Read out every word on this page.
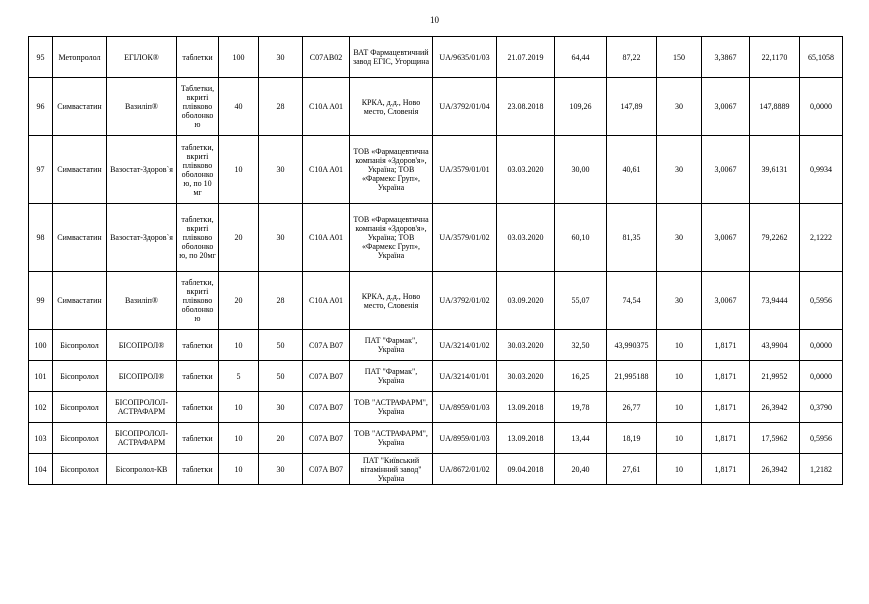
10
95	Метопролол	ЕГІЛОК®	таблетки	100	30	C07AB02	ВАТ Фармацевтичний завод ЕГІС, Угорщина	UA/9635/01/03	21.07.2019	64,44	87,22	150	3,3867	22,1170	65,1058
96	Симвастатин	Вазиліп®	Таблетки, вкриті плівково оболонко ю	40	28	C10A A01	КРКА, д.д., Ново место, Словенія	UA/3792/01/04	23.08.2018	109,26	147,89	30	3,0067	147,8889	0,0000
97	Симвастатин	Вазостат-Здоров`я	таблетки, вкриті плівково оболонко ю, по 10 мг	10	30	C10A A01	ТОВ «Фармацевтична компанія «Здоров'я», Україна; ТОВ «Фармекс Груп», Україна	UA/3579/01/01	03.03.2020	30,00	40,61	30	3,0067	39,6131	0,9934
98	Симвастатин	Вазостат-Здоров`я	таблетки, вкриті плівково оболонко ю, по 20мг	20	30	C10A A01	ТОВ «Фармацевтична компанія «Здоров'я», Україна; ТОВ «Фармекс Груп», Україна	UA/3579/01/02	03.03.2020	60,10	81,35	30	3,0067	79,2262	2,1222
99	Симвастатин	Вазиліп®	таблетки, вкриті плівково оболонко ю	20	28	C10A A01	КРКА, д.д., Ново место, Словенія	UA/3792/01/02	03.09.2020	55,07	74,54	30	3,0067	73,9444	0,5956
100	Бісопролол	БІСОПРОЛ®	таблетки	10	50	C07A B07	ПАТ "Фармак", Україна	UA/3214/01/02	30.03.2020	32,50	43,990375	10	1,8171	43,9904	0,0000
101	Бісопролол	БІСОПРОЛ®	таблетки	5	50	C07A B07	ПАТ "Фармак", Україна	UA/3214/01/01	30.03.2020	16,25	21,995188	10	1,8171	21,9952	0,0000
102	Бісопролол	БІСОПРОЛОЛ-АСТРАФАРМ	таблетки	10	30	C07A B07	ТОВ "АСТРАФАРМ", Україна	UA/8959/01/03	13.09.2018	19,78	26,77	10	1,8171	26,3942	0,3790
103	Бісопролол	БІСОПРОЛОЛ-АСТРАФАРМ	таблетки	10	20	C07A B07	ТОВ "АСТРАФАРМ", Україна	UA/8959/01/03	13.09.2018	13,44	18,19	10	1,8171	17,5962	0,5956
104	Бісопролол	Бісопролол-КВ	таблетки	10	30	C07A B07	ПАТ "Київський вітамінний завод" Україна	UA/8672/01/02	09.04.2018	20,40	27,61	10	1,8171	26,3942	1,2182
